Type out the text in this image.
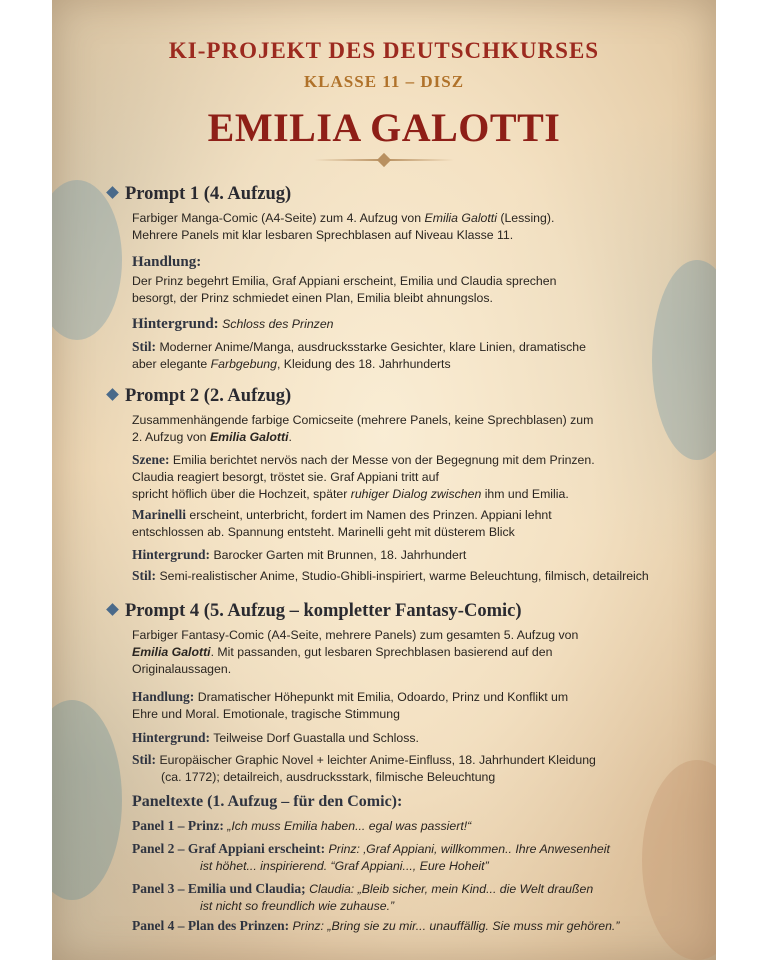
KI-PROJEKT DES DEUTSCHKURSES
KLASSE 11 – DISZ
EMILIA GALOTTI
Prompt 1 (4. Aufzug)
Farbiger Manga-Comic (A4-Seite) zum 4. Aufzug von Emilia Galotti (Lessing).
Mehrere Panels mit klar lesbaren Sprechblasen auf Niveau Klasse 11.
Handlung:
Der Prinz begehrt Emilia, Graf Appiani erscheint, Emilia und Claudia sprechen
besorgt, der Prinz schmiedet einen Plan, Emilia bleibt ahnungslos.
Hintergrund: Schloss des Prinzen
Stil: Moderner Anime/Manga, ausdrucksstarke Gesichter, klare Linien, dramatische
aber elegante Farbgebung, Kleidung des 18. Jahrhunderts
Prompt 2 (2. Aufzug)
Zusammenhängende farbige Comicseite (mehrere Panels, keine Sprechblasen) zum
2. Aufzug von Emilia Galotti.
Szene: Emilia berichtet nervös nach der Messe von der Begegnung mit dem Prinzen.
Claudia reagiert besorgt, tröstet sie. Graf Appiani tritt auf
spricht höflich über die Hochzeit, später ruhiger Dialog zwischen ihm und Emilia.
Marinelli erscheint, unterbricht, fordert im Namen des Prinzen. Appiani lehnt
entschlossen ab. Spannung entsteht. Marinelli geht mit düsterem Blick
Hintergrund: Barocker Garten mit Brunnen, 18. Jahrhundert
Stil: Semi-realistischer Anime, Studio-Ghibli-inspiriert, warme Beleuchtung, filmisch, detailreich
Prompt 4 (5. Aufzug – kompletter Fantasy-Comic)
Farbiger Fantasy-Comic (A4-Seite, mehrere Panels) zum gesamten 5. Aufzug von
Emilia Galotti. Mit passanden, gut lesbaren Sprechblasen basierend auf den
Originalaussagen.
Handlung: Dramatischer Höhepunkt mit Emilia, Odoardo, Prinz und Konflikt um
Ehre und Moral. Emotionale, tragische Stimmung
Hintergrund: Teilweise Dorf Guastalla und Schloss.
Stil: Europäischer Graphic Novel + leichter Anime-Einfluss, 18. Jahrhundert Kleidung

(ca. 1772); detailreich, ausdrucksstark, filmische Beleuchtung
Paneltexte (1. Aufzug – für den Comic):
Panel 1 – Prinz: „Ich muss Emilia haben... egal was passiert!“
Panel 2 – Graf Appiani erscheint: Prinz: ‚Graf Appiani, willkommen.. Ihre Anwesenheit

ist höhet... inspirierend. “Graf Appiani..., Eure Hoheit”
Panel 3 – Emilia und Claudia; Claudia: „Bleib sicher, mein Kind... die Welt draußen

ist nicht so freundlich wie zuhause.”
Panel 4 – Plan des Prinzen: Prinz: „Bring sie zu mir... unauffällig. Sie muss mir gehören.”
